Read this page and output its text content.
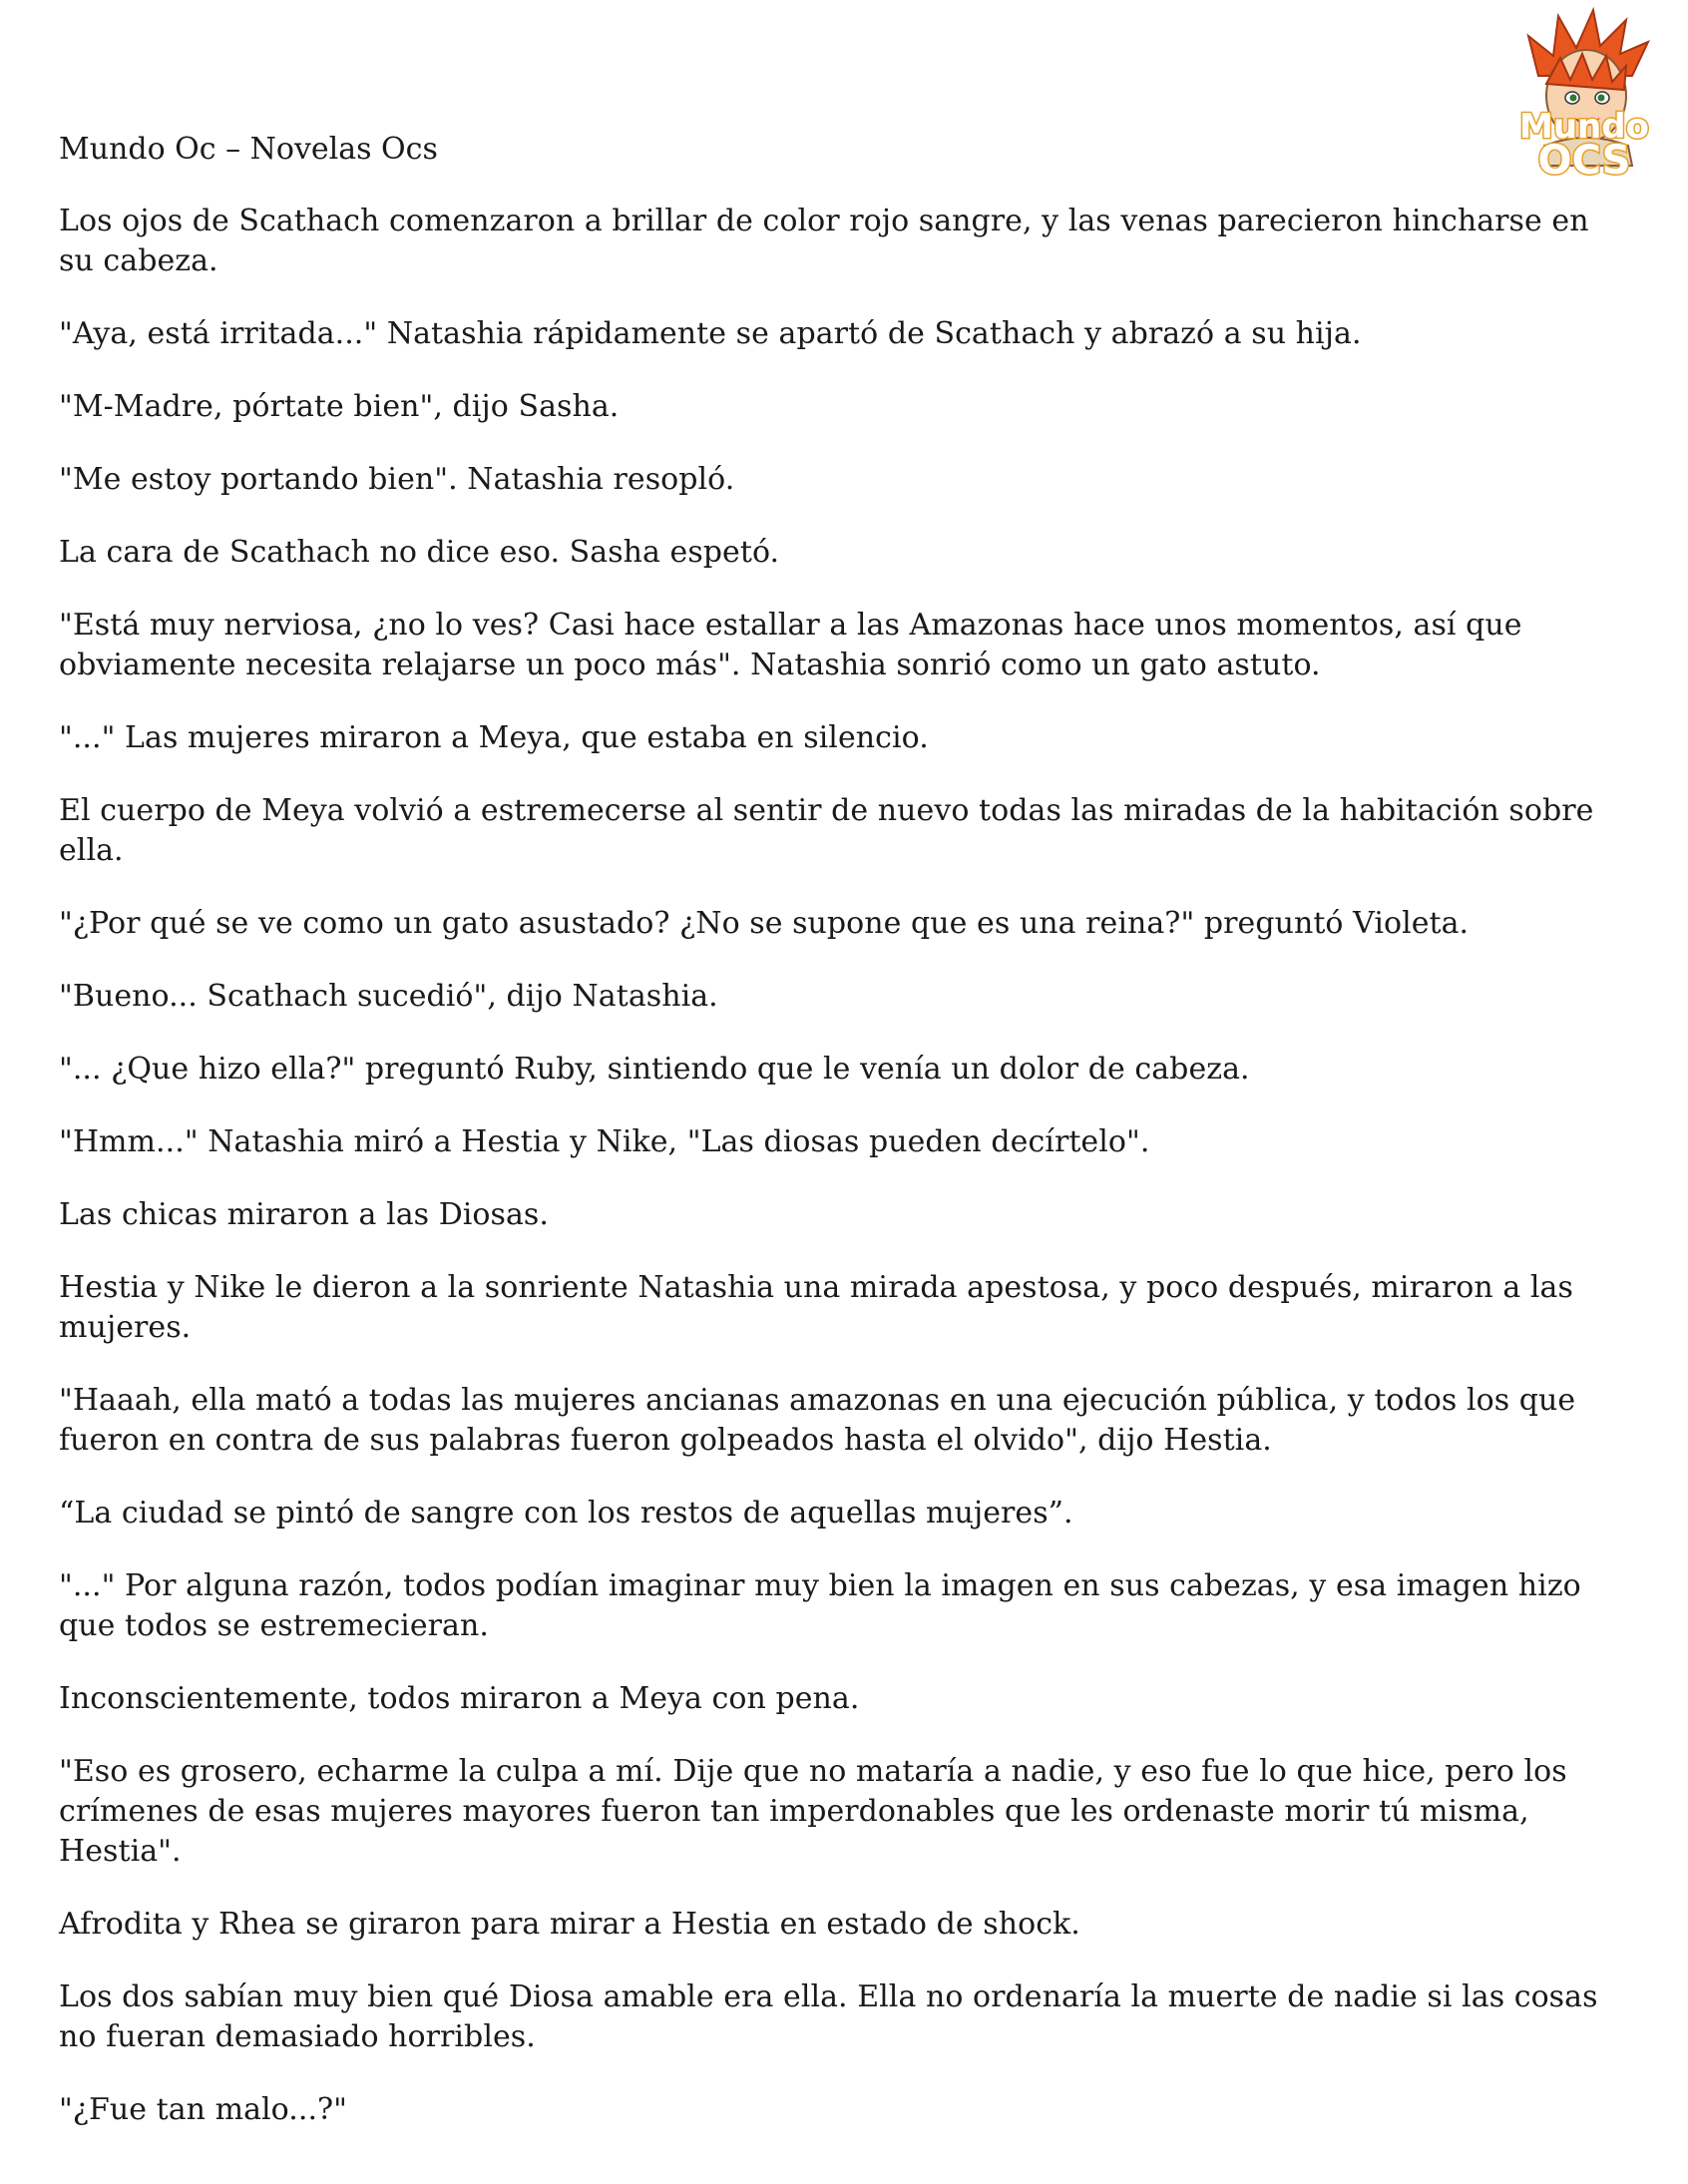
Mundo
OCS
Mundo Oc – Novelas Ocs

Los ojos de Scathach comenzaron a brillar de color rojo sangre, y las venas parecieron hincharse en su cabeza.

"Aya, está irritada..." Natashia rápidamente se apartó de Scathach y abrazó a su hija.

"M-Madre, pórtate bien", dijo Sasha.

"Me estoy portando bien". Natashia resopló.

La cara de Scathach no dice eso. Sasha espetó.

"Está muy nerviosa, ¿no lo ves? Casi hace estallar a las Amazonas hace unos momentos, así que obviamente necesita relajarse un poco más". Natashia sonrió como un gato astuto.

"..." Las mujeres miraron a Meya, que estaba en silencio.

El cuerpo de Meya volvió a estremecerse al sentir de nuevo todas las miradas de la habitación sobre ella.

"¿Por qué se ve como un gato asustado? ¿No se supone que es una reina?" preguntó Violeta.

"Bueno... Scathach sucedió", dijo Natashia.

"... ¿Que hizo ella?" preguntó Ruby, sintiendo que le venía un dolor de cabeza.

"Hmm..." Natashia miró a Hestia y Nike, "Las diosas pueden decírtelo".

Las chicas miraron a las Diosas.

Hestia y Nike le dieron a la sonriente Natashia una mirada apestosa, y poco después, miraron a las mujeres.

"Haaah, ella mató a todas las mujeres ancianas amazonas en una ejecución pública, y todos los que fueron en contra de sus palabras fueron golpeados hasta el olvido", dijo Hestia.

“La ciudad se pintó de sangre con los restos de aquellas mujeres”.

"..." Por alguna razón, todos podían imaginar muy bien la imagen en sus cabezas, y esa imagen hizo que todos se estremecieran.

Inconscientemente, todos miraron a Meya con pena.

"Eso es grosero, echarme la culpa a mí. Dije que no mataría a nadie, y eso fue lo que hice, pero los crímenes de esas mujeres mayores fueron tan imperdonables que les ordenaste morir tú misma, Hestia".

Afrodita y Rhea se giraron para mirar a Hestia en estado de shock.

Los dos sabían muy bien qué Diosa amable era ella. Ella no ordenaría la muerte de nadie si las cosas no fueran demasiado horribles.

"¿Fue tan malo...?"
